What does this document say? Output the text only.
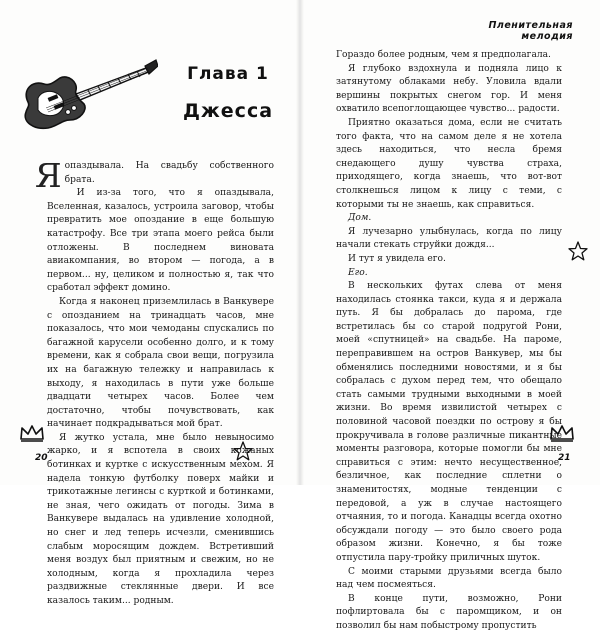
Глава 1
Джесса

Яопаздывала. На свадьбу собственного брата.

И из-за того, что я опаздывала, Вселенная, казалось, устроила заговор, чтобы превратить мое опоздание в еще большую катастрофу. Все три этапа моего рейса были отложены. В последнем виновата авиакомпания, во втором — погода, а в первом... ну, целиком и полностью я, так что сработал эффект домино.

Когда я наконец приземлилась в Ванкувере с опозданием на тринадцать часов, мне показалось, что мои чемоданы спускались по багажной карусели особенно долго, и к тому времени, как я собрала свои вещи, погрузила их на багажную тележку и направилась к выходу, я находилась в пути уже больше двадцати четырех часов. Более чем достаточно, чтобы почувствовать, как начинает подкрадываться мой брат.

Я жутко устала, мне было невыносимо жарко, и я вспотела в своих кожаных ботинках и куртке с искусственным мехом. Я надела тонкую футболку поверх майки и трикотажные легинсы с курткой и ботинками, не зная, чего ожидать от погоды. Зима в Ванкувере выдалась на удивление холодной, но снег и лед теперь исчезли, сменившись слабым моросящим дождем. Встретивший меня воздух был приятным и свежим, но не холодным, когда я прохладила через раздвижные стеклянные двери. И все казалось таким... родным.

20
Пленительная мелодия

Гораздо более родным, чем я предполагала.

Я глубоко вздохнула и подняла лицо к затянутому облаками небу. Уловила вдали вершины покрытых снегом гор. И меня охватило всепоглощающее чувство... радости.

Приятно оказаться дома, если не считать того факта, что на самом деле я не хотела здесь находиться, что несла бремя снедающего душу чувства страха, приходящего, когда знаешь, что вот-вот столкнешься лицом к лицу с теми, с которыми ты не знаешь, как справиться.

Дом.

Я лучезарно улыбнулась, когда по лицу начали стекать струйки дождя...

И тут я увидела его.

Его.

В нескольких футах слева от меня находилась стоянка такси, куда я и держала путь. Я бы добралась до парома, где встретилась бы со старой подругой Рони, моей «спутницей» на свадьбе. На пароме, переправившем на остров Ванкувер, мы бы обменялись последними новостями, и я бы собралась с духом перед тем, что обещало стать самыми трудными выходными в моей жизни. Во время извилистой четырех с половиной часовой поездки по острову я бы прокручивала в голове различные пикантные моменты разговора, которые помогли бы мне справиться с этим: нечто несущественное, безличное, как последние сплетни о знаменитостях, модные тенденции с передовой, а уж в случае настоящего отчаяния, то и погода. Канадцы всегда охотно обсуждали погоду — это было своего рода образом жизни. Конечно, я бы тоже отпустила пару-тройку приличных шуток.

С моими старыми друзьями всегда было над чем посмеяться.

В конце пути, возможно, Рони пофлиртовала бы с паромщиком, и он позволил бы нам побыстрому пропустить

21
